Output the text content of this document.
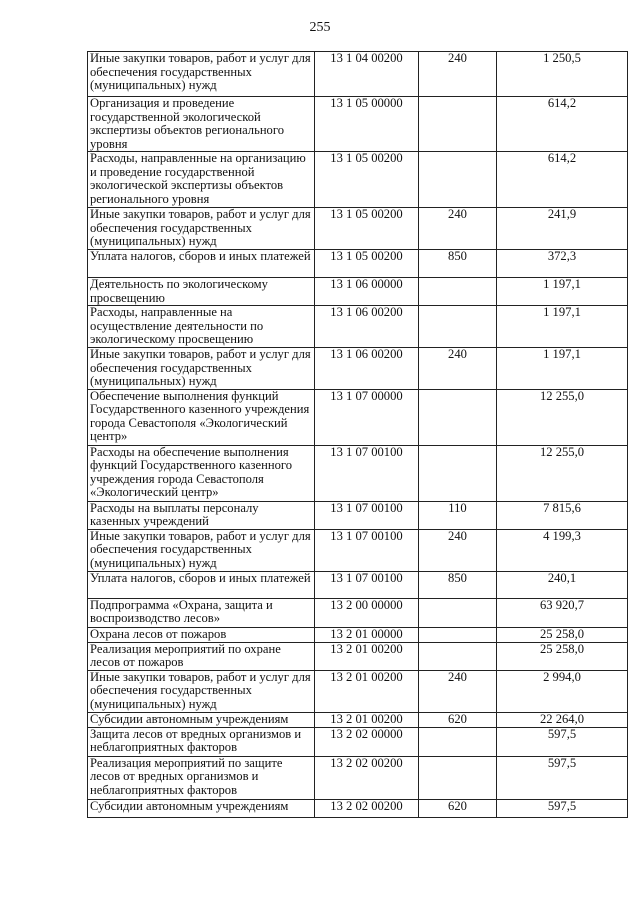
255
Иные закупки товаров, работ и услуг для обеспечения государственных (муниципальных) нужд	13 1 04 00200	240	1 250,5
Организация и проведение государственной экологической экспертизы объектов регионального уровня	13 1 05 00000		614,2
Расходы, направленные на организацию и проведение государственной экологической экспертизы объектов регионального уровня	13 1 05 00200		614,2
Иные закупки товаров, работ и услуг для обеспечения государственных (муниципальных) нужд	13 1 05 00200	240	241,9
Уплата налогов, сборов и иных платежей	13 1 05 00200	850	372,3
Деятельность по экологическому просвещению	13 1 06 00000		1 197,1
Расходы, направленные на осуществление деятельности по экологическому просвещению	13 1 06 00200		1 197,1
Иные закупки товаров, работ и услуг для обеспечения государственных (муниципальных) нужд	13 1 06 00200	240	1 197,1
Обеспечение выполнения функций Государственного казенного учреждения города Севастополя «Экологический центр»	13 1 07 00000		12 255,0
Расходы на обеспечение выполнения функций Государственного казенного учреждения города Севастополя «Экологический центр»	13 1 07 00100		12 255,0
Расходы на выплаты персоналу казенных учреждений	13 1 07 00100	110	7 815,6
Иные закупки товаров, работ и услуг для обеспечения государственных (муниципальных) нужд	13 1 07 00100	240	4 199,3
Уплата налогов, сборов и иных платежей	13 1 07 00100	850	240,1
Подпрограмма «Охрана, защита и воспроизводство лесов»	13 2 00 00000		63 920,7
Охрана лесов от пожаров	13 2 01 00000		25 258,0
Реализация мероприятий по охране лесов от пожаров	13 2 01 00200		25 258,0
Иные закупки товаров, работ и услуг для обеспечения государственных (муниципальных) нужд	13 2 01 00200	240	2 994,0
Субсидии автономным учреждениям	13 2 01 00200	620	22 264,0
Защита лесов от вредных организмов и неблагоприятных факторов	13 2 02 00000		597,5
Реализация мероприятий по защите лесов от вредных организмов и неблагоприятных факторов	13 2 02 00200		597,5
Субсидии автономным учреждениям	13 2 02 00200	620	597,5
